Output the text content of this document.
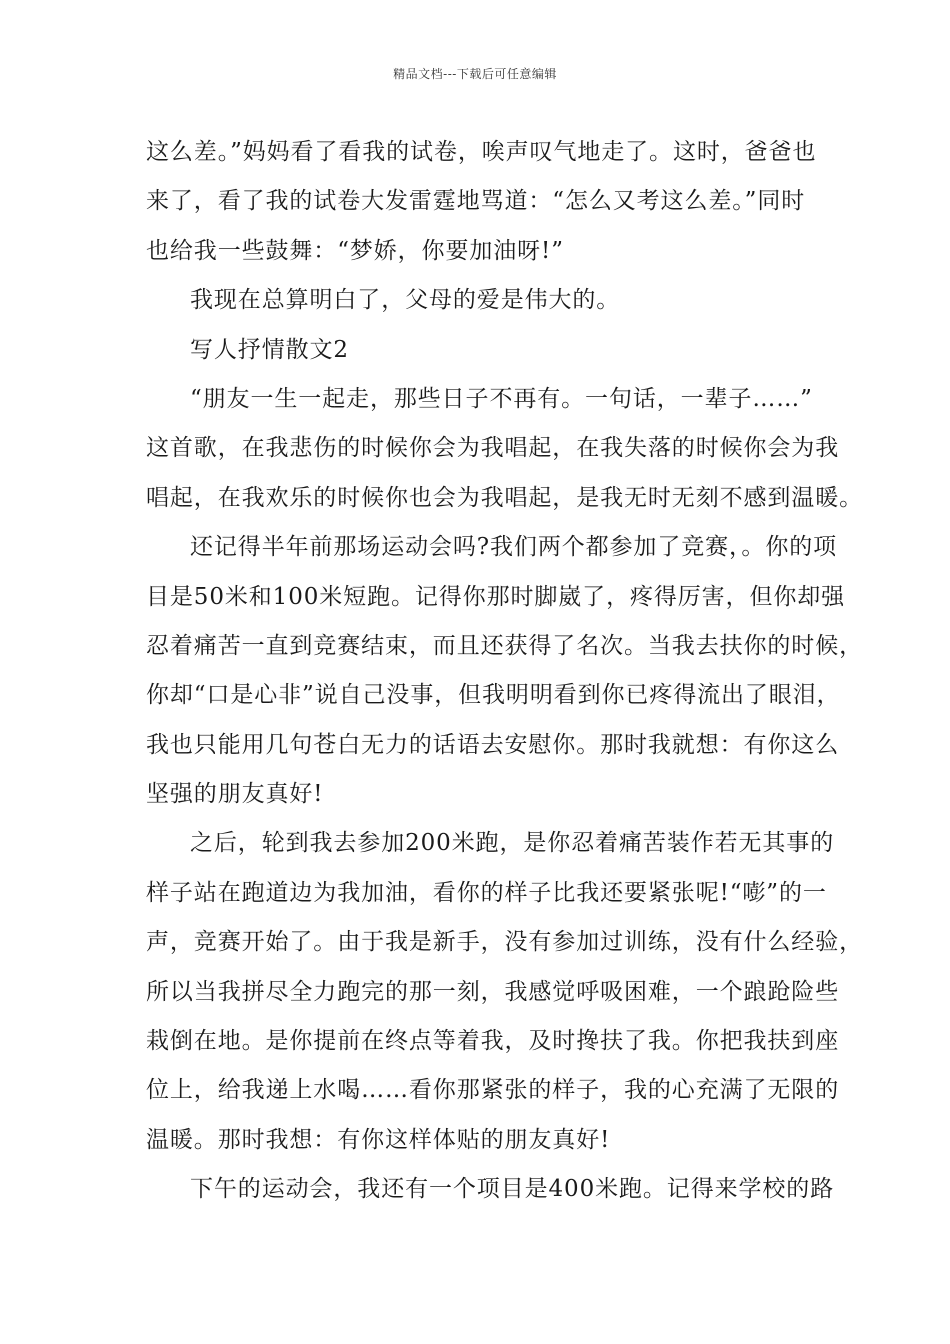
精品文档---下载后可任意编辑
这么差。”妈妈看了看我的试卷，唉声叹气地走了。这时，爸爸也
来了，看了我的试卷大发雷霆地骂道：“怎么又考这么差。”同时
也给我一些鼓舞：“梦娇，你要加油呀!”
我现在总算明白了，父母的爱是伟大的。
写人抒情散文2
“朋友一生一起走，那些日子不再有。一句话，一辈子……”
这首歌，在我悲伤的时候你会为我唱起，在我失落的时候你会为我
唱起，在我欢乐的时候你也会为我唱起，是我无时无刻不感到温暖。
还记得半年前那场运动会吗?我们两个都参加了竞赛，。你的项
目是50米和100米短跑。记得你那时脚崴了，疼得厉害，但你却强
忍着痛苦一直到竞赛结束，而且还获得了名次。当我去扶你的时候，
你却“口是心非”说自己没事，但我明明看到你已疼得流出了眼泪，
我也只能用几句苍白无力的话语去安慰你。那时我就想：有你这么
坚强的朋友真好!
之后，轮到我去参加200米跑，是你忍着痛苦装作若无其事的
样子站在跑道边为我加油，看你的样子比我还要紧张呢!“嘭”的一
声，竞赛开始了。由于我是新手，没有参加过训练，没有什么经验，
所以当我拼尽全力跑完的那一刻，我感觉呼吸困难，一个踉跄险些
栽倒在地。是你提前在终点等着我，及时搀扶了我。你把我扶到座
位上，给我递上水喝……看你那紧张的样子，我的心充满了无限的
温暖。那时我想：有你这样体贴的朋友真好!
下午的运动会，我还有一个项目是400米跑。记得来学校的路
